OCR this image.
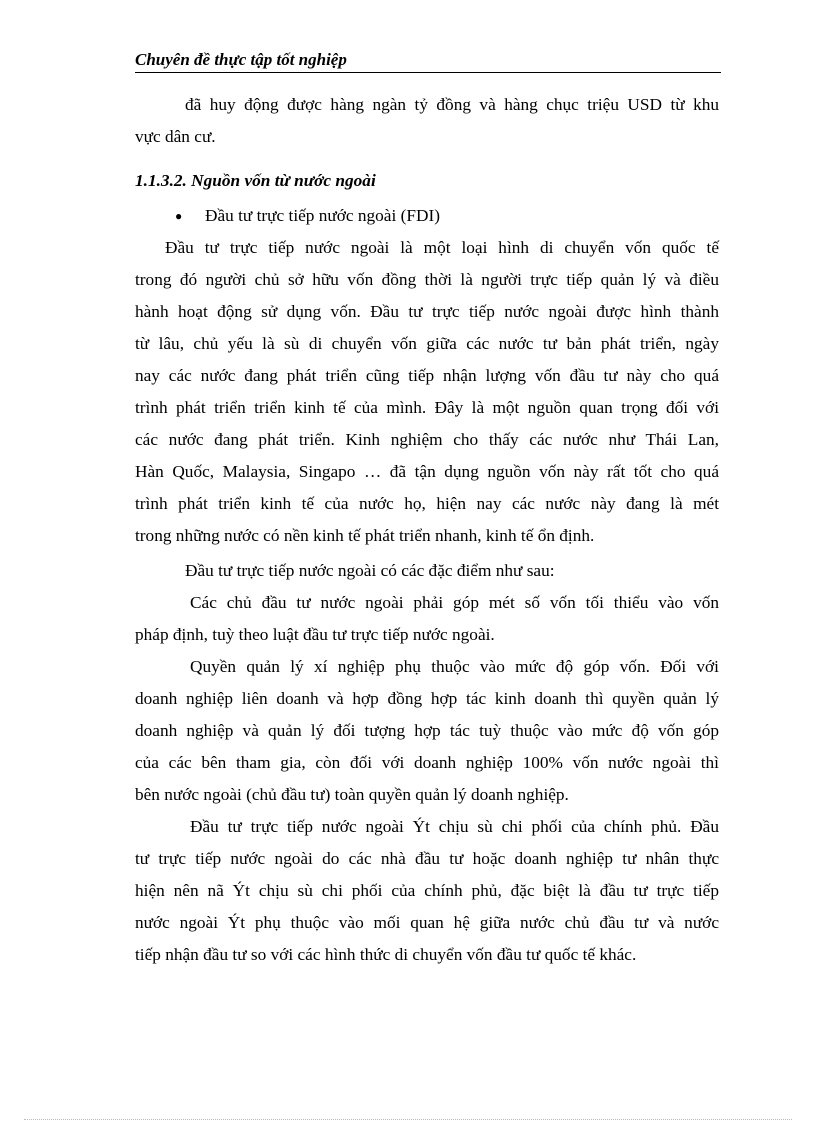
Chuyên đề thực tập tốt nghiệp
đã huy động được hàng ngàn tỷ đồng và hàng chục triệu USD từ khu
vực dân cư.
1.1.3.2. Nguồn vốn từ nước ngoài
Đầu tư trực tiếp nước ngoài (FDI)
●
Đầu tư trực tiếp nước ngoài là một loại hình di chuyển vốn quốc tế
trong đó người chủ sở hữu vốn đồng thời là người trực tiếp quản lý và điều
hành hoạt động sử dụng vốn. Đầu tư trực tiếp nước ngoài được hình thành
từ lâu, chủ yếu là sù di chuyển vốn giữa các nước tư bản phát triển, ngày
nay các nước đang phát triển cũng tiếp nhận lượng vốn đầu tư này cho quá
trình phát triển triển kinh tế của mình. Đây là một nguồn quan trọng đối với
các nước đang phát triển. Kinh nghiệm cho thấy các nước như Thái Lan,
Hàn Quốc, Malaysia, Singapo … đã tận dụng nguồn vốn này rất tốt cho quá
trình phát triển kinh tế của nước họ, hiện nay các nước này đang là mét
trong những nước có nền kinh tế phát triển nhanh, kinh tế ổn định.
Đầu tư trực tiếp nước ngoài có các đặc điểm như sau:
Các chủ đầu tư nước ngoài phải góp mét số vốn tối thiểu vào vốn
pháp định, tuỳ theo luật đầu tư trực tiếp nước ngoài.
Quyền quản lý xí nghiệp phụ thuộc vào mức độ góp vốn. Đối với
doanh nghiệp liên doanh và hợp đồng hợp tác kinh doanh thì quyền quản lý
doanh nghiệp và quản lý đối tượng hợp tác tuỳ thuộc vào mức độ vốn góp
của các bên tham gia, còn đối với doanh nghiệp 100% vốn nước ngoài thì
bên nước ngoài (chủ đầu tư) toàn quyền quản lý doanh nghiệp.
Đầu tư trực tiếp nước ngoài Ýt chịu sù chi phối của chính phủ. Đầu
tư trực tiếp nước ngoài do các nhà đầu tư hoặc doanh nghiệp tư nhân thực
hiện nên nã Ýt chịu sù chi phối của chính phủ, đặc biệt là đầu tư trực tiếp
nước ngoài Ýt phụ thuộc vào mối quan hệ giữa nước chủ đầu tư và nước
tiếp nhận đầu tư so với các hình thức di chuyển vốn đầu tư quốc tế khác.
